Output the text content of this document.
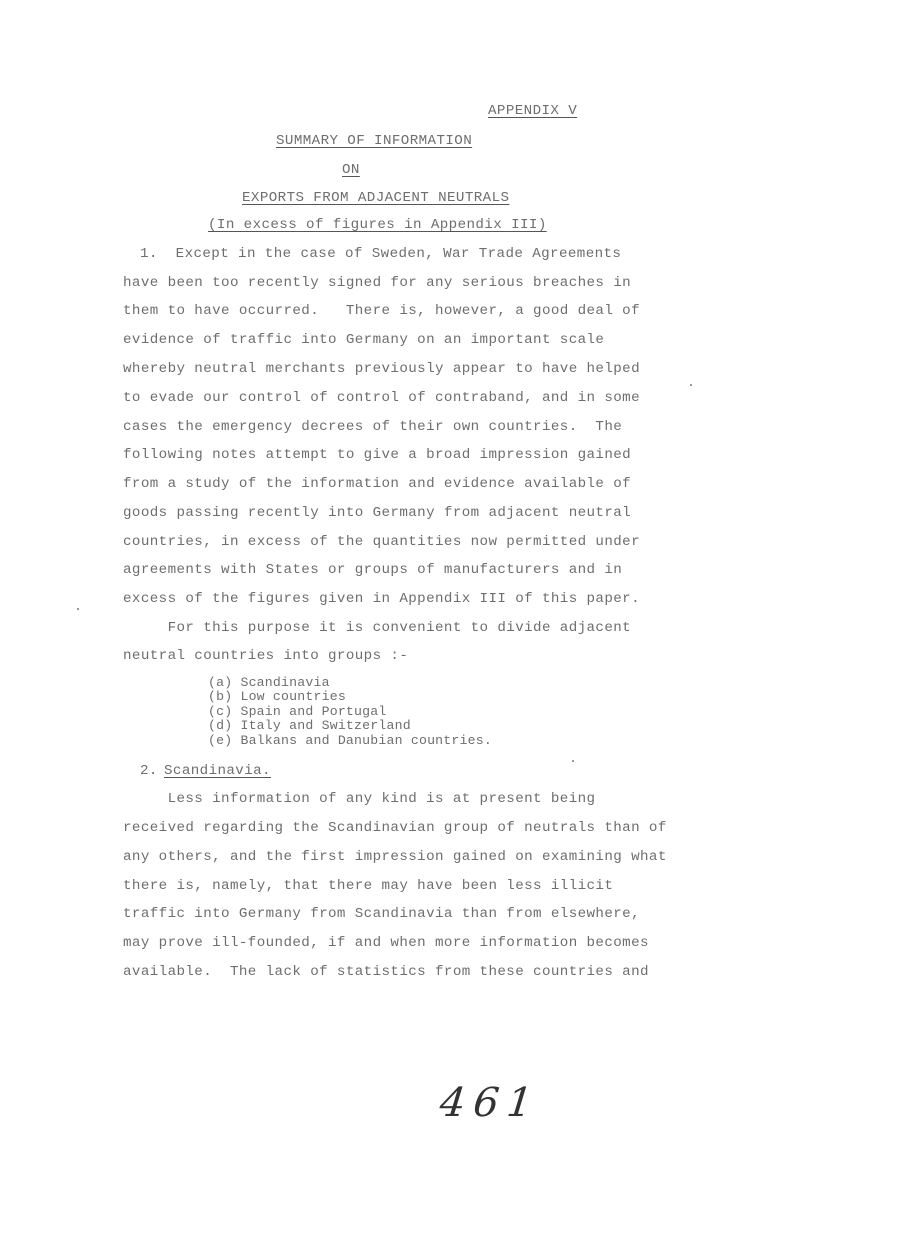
APPENDIX V
SUMMARY OF INFORMATION
ON
EXPORTS FROM ADJACENT NEUTRALS
(In excess of figures in Appendix III)
1.  Except in the case of Sweden, War Trade Agreements
have been too recently signed for any serious breaches in
them to have occurred.   There is, however, a good deal of
evidence of traffic into Germany on an important scale
whereby neutral merchants previously appear to have helped
to evade our control of control of contraband, and in some
cases the emergency decrees of their own countries.  The
following notes attempt to give a broad impression gained
from a study of the information and evidence available of
goods passing recently into Germany from adjacent neutral
countries, in excess of the quantities now permitted under
agreements with States or groups of manufacturers and in
excess of the figures given in Appendix III of this paper.
For this purpose it is convenient to divide adjacent
neutral countries into groups :-
(a) Scandinavia
(b) Low countries
(c) Spain and Portugal
(d) Italy and Switzerland
(e) Balkans and Danubian countries.
2. Scandinavia.
Less information of any kind is at present being
received regarding the Scandinavian group of neutrals than of
any others, and the first impression gained on examining what
there is, namely, that there may have been less illicit
traffic into Germany from Scandinavia than from elsewhere,
may prove ill-founded, if and when more information becomes
available.  The lack of statistics from these countries and
461
